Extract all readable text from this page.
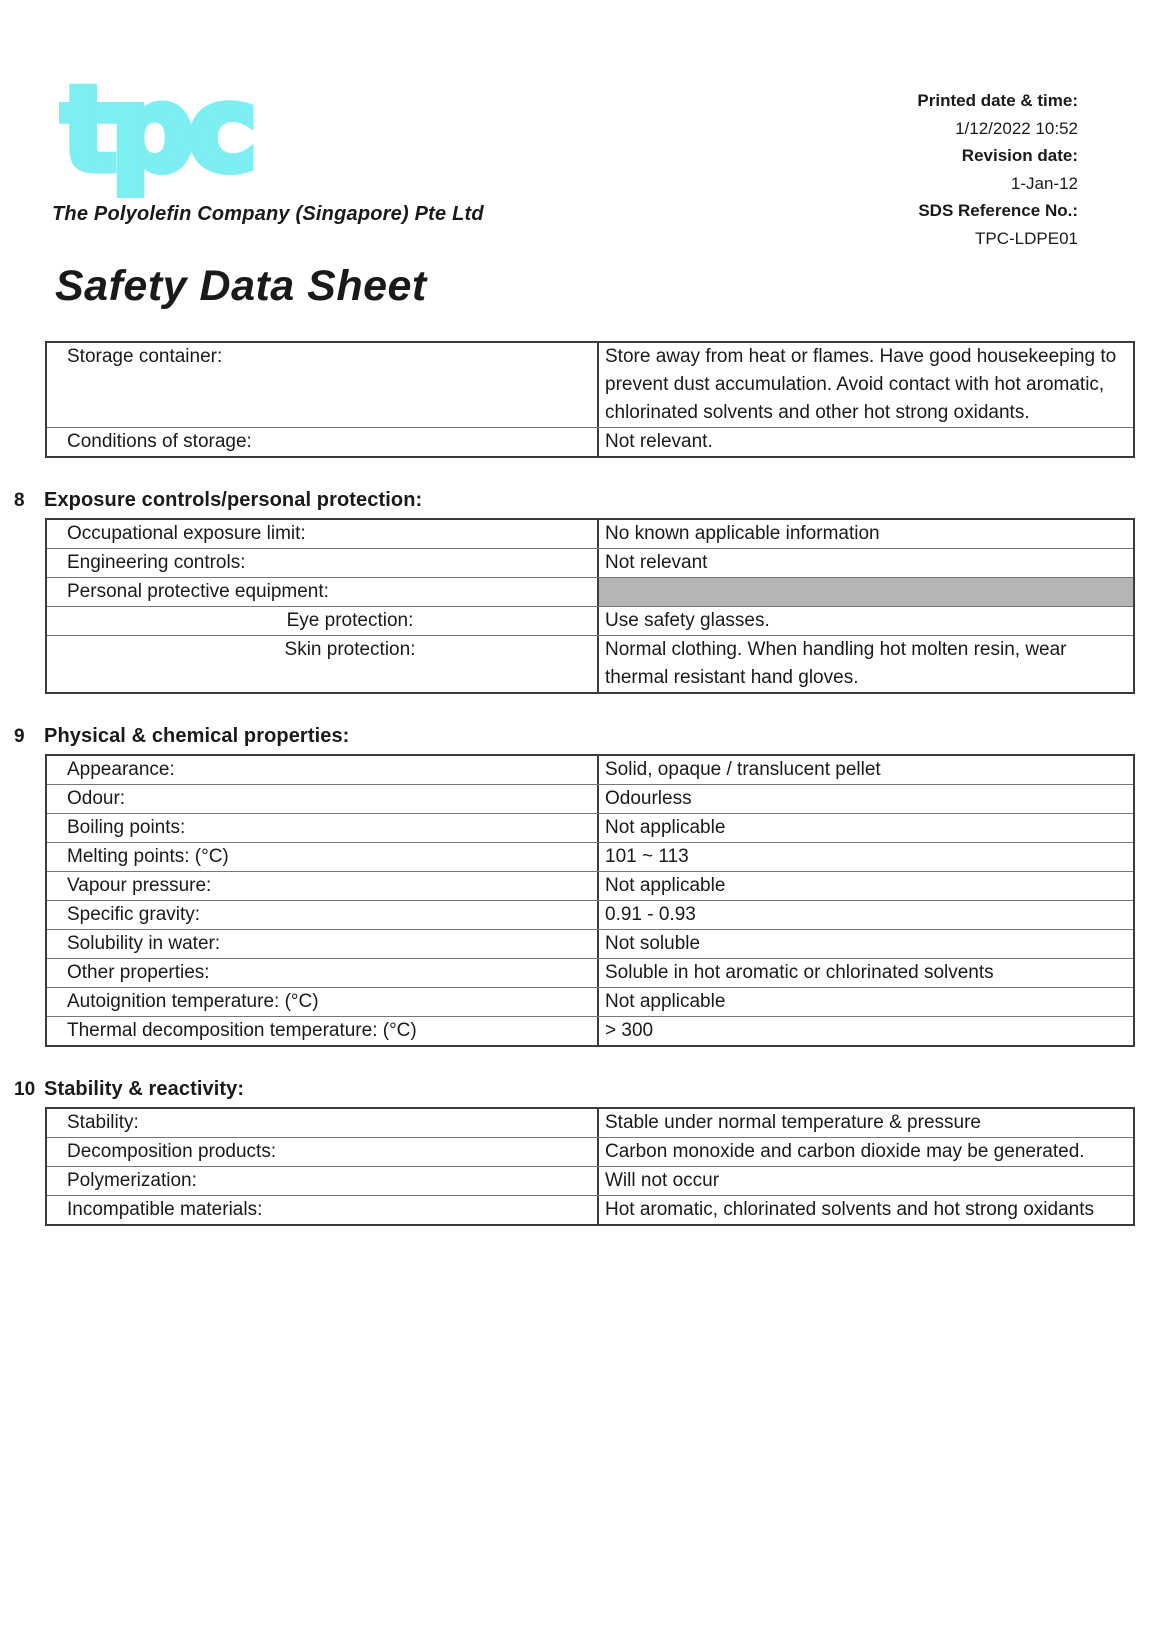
tpc
The Polyolefin Company (Singapore) Pte Ltd
Printed date & time:
1/12/2022 10:52
Revision date:
1-Jan-12
SDS Reference No.:
TPC-LDPE01
Safety Data Sheet
Storage container:	Store away from heat or flames. Have good housekeeping to prevent dust accumulation. Avoid contact with hot aromatic, chlorinated solvents and other hot strong oxidants.
Conditions of storage:	Not relevant.
8 Exposure controls/personal protection:
Occupational exposure limit:	No known applicable information
Engineering controls:	Not relevant
Personal protective equipment:
Eye protection:	Use safety glasses.
Skin protection:	Normal clothing. When handling hot molten resin, wear thermal resistant hand gloves.
9 Physical & chemical properties:
Appearance:	Solid, opaque / translucent pellet
Odour:	Odourless
Boiling points:	Not applicable
Melting points: (°C)	101 ~ 113
Vapour pressure:	Not applicable
Specific gravity:	0.91 - 0.93
Solubility in water:	Not soluble
Other properties:	Soluble in hot aromatic or chlorinated solvents
Autoignition temperature: (°C)	Not applicable
Thermal decomposition temperature: (°C)	> 300
10 Stability & reactivity:
Stability:	Stable under normal temperature & pressure
Decomposition products:	Carbon monoxide and carbon dioxide may be generated.
Polymerization:	Will not occur
Incompatible materials:	Hot aromatic, chlorinated solvents and hot strong oxidants
